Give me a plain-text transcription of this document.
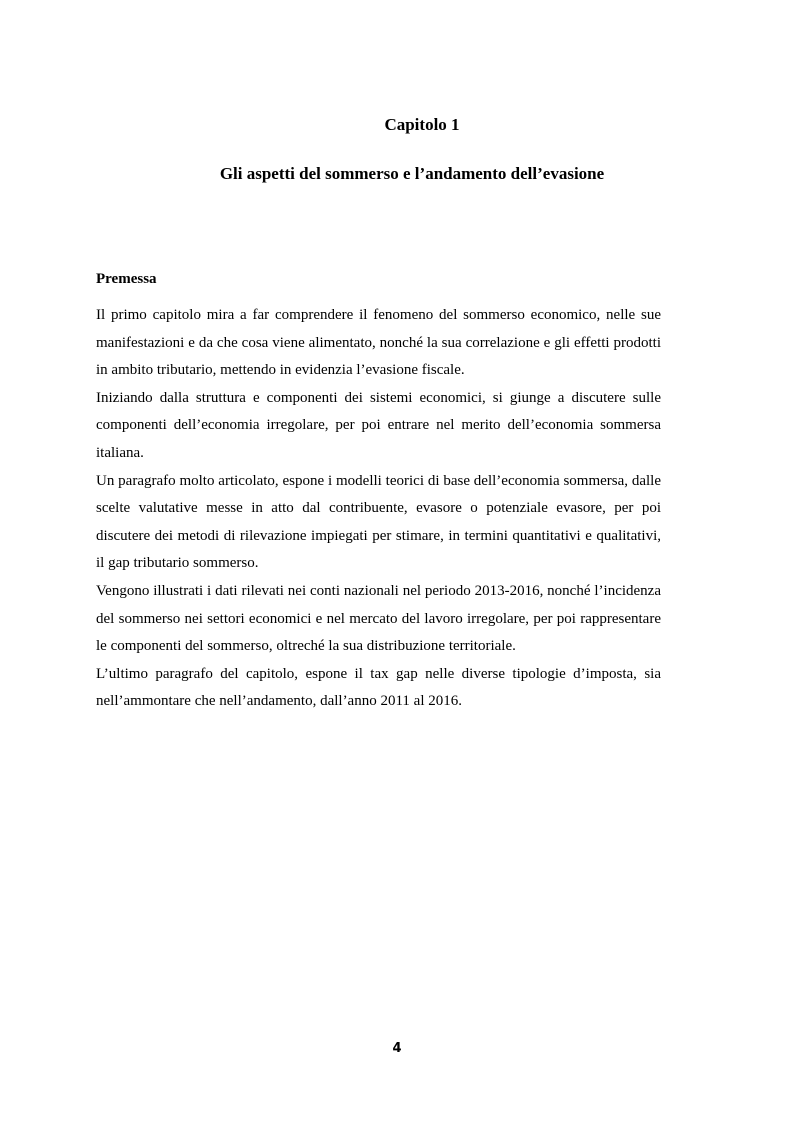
Capitolo 1
Gli aspetti del sommerso e l’andamento dell’evasione
Premessa

Il primo capitolo mira a far comprendere il fenomeno del sommerso economico, nelle sue manifestazioni e da che cosa viene alimentato, nonché la sua correlazione e gli effetti prodotti in ambito tributario, mettendo in evidenzia l’evasione fiscale.

Iniziando dalla struttura e componenti dei sistemi economici, si giunge a discutere sulle componenti dell’economia irregolare, per poi entrare nel merito dell’economia sommersa italiana.

Un paragrafo molto articolato, espone i modelli teorici di base dell’economia sommersa, dalle scelte valutative messe in atto dal contribuente, evasore o potenziale evasore, per poi discutere dei metodi di rilevazione impiegati per stimare, in termini quantitativi e qualitativi, il gap tributario sommerso.

Vengono illustrati i dati rilevati nei conti nazionali nel periodo 2013-2016, nonché l’incidenza del sommerso nei settori economici e nel mercato del lavoro irregolare, per poi rappresentare le componenti del sommerso, oltreché la sua distribuzione territoriale.

L’ultimo paragrafo del capitolo, espone il tax gap nelle diverse tipologie d’imposta, sia nell’ammontare che nell’andamento, dall’anno 2011 al 2016.

4
